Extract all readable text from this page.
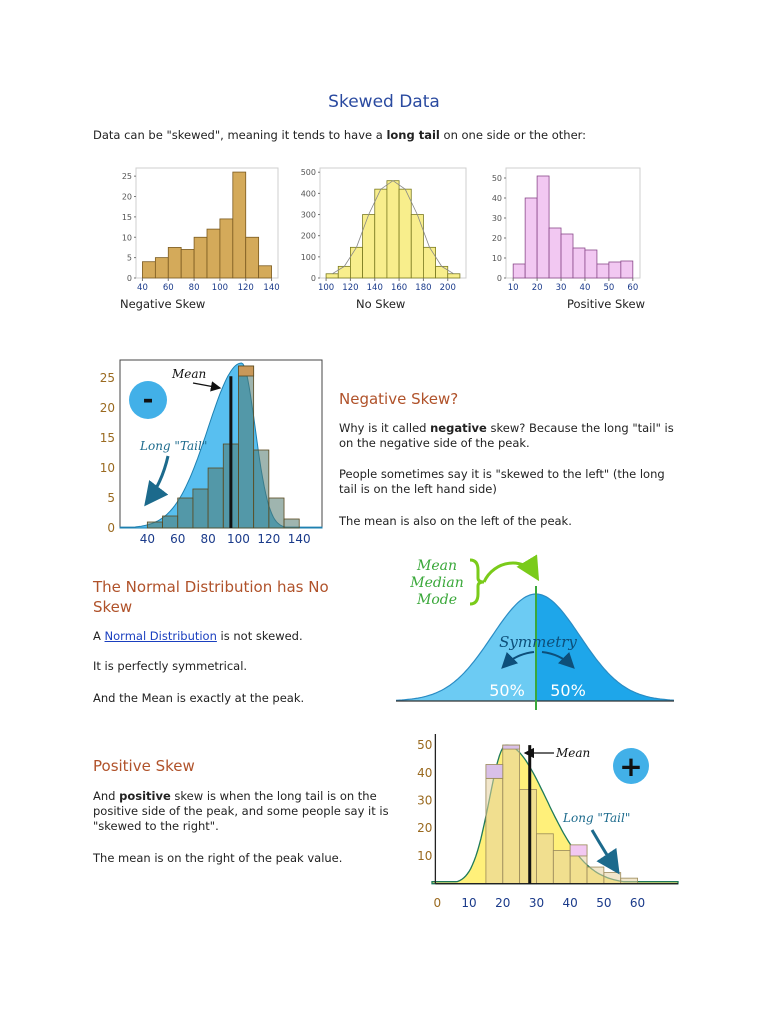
Skewed Data
Data can be "skewed", meaning it tends to have a long tail on one side or the other:
0
5
10
15
20
25
40 60 80 100 120 140
Negative Skew
0
100
200
300
400
500
100 120 140 160 180 200
No Skew
0
10
20
30
40
50
10 20 30 40 50 60
Positive Skew
0
5
10
15
20
25
40 60 80 100 120 140
-
Mean
Long "Tail"
Negative Skew?
Why is it called negative skew? Because the long "tail" is on the negative side of the peak.
People sometimes say it is "skewed to the left" (the long tail is on the left hand side)
The mean is also on the left of the peak.
The Normal Distribution has No Skew
A Normal Distribution is not skewed.
It is perfectly symmetrical.
And the Mean is exactly at the peak.
Mean
Median
Mode
Symmetry
50% 50%
Positive Skew
And positive skew is when the long tail is on the positive side of the peak, and some people say it is "skewed to the right".
The mean is on the right of the peak value.	10
20
30
40
50
0 10 20 30 40 50 60
Mean +
Long "Tail"
